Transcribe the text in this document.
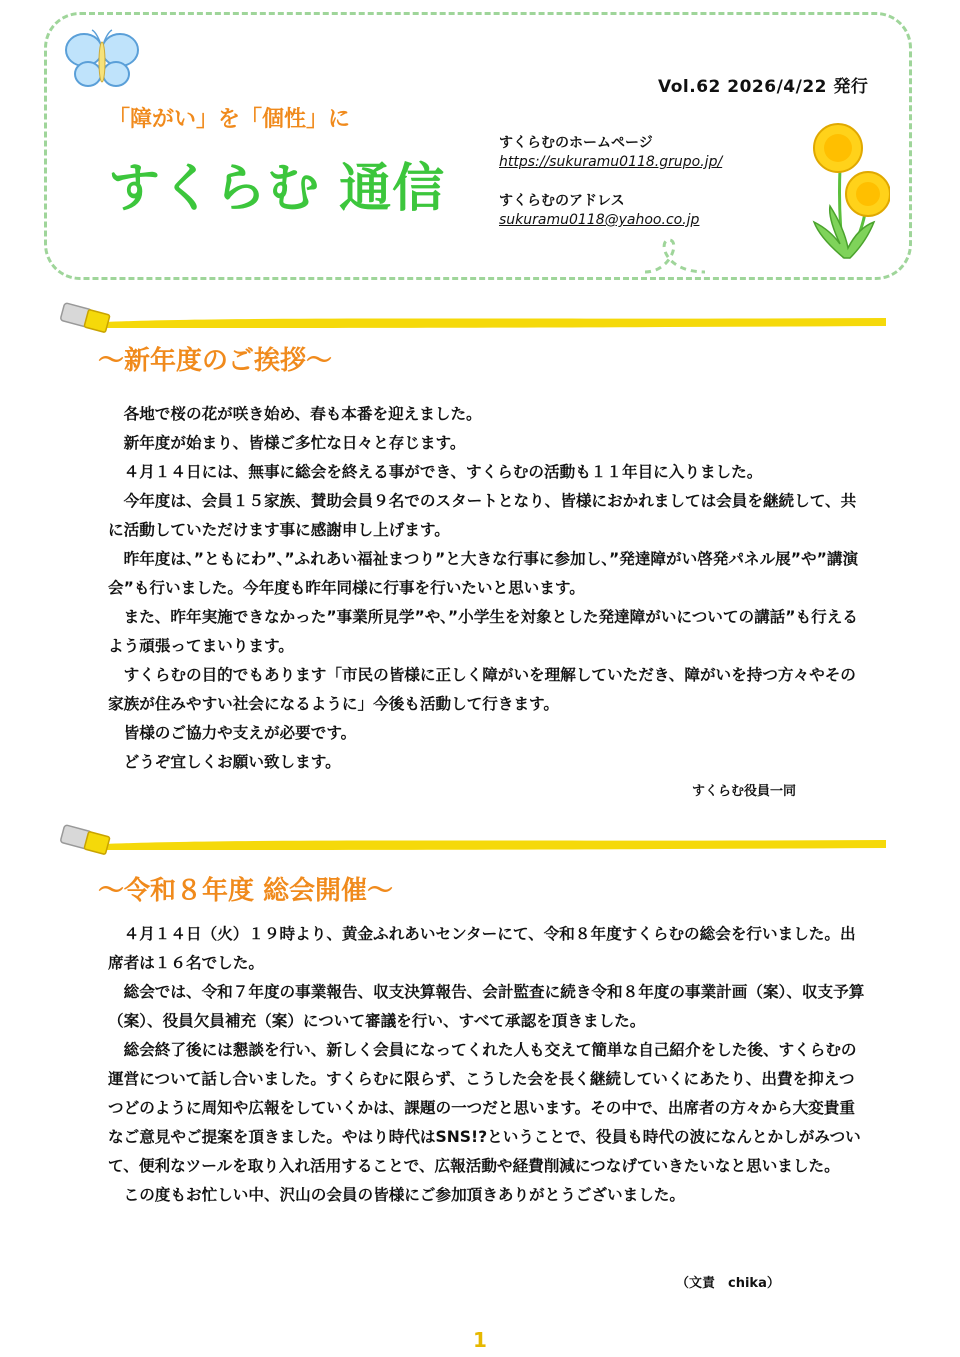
Vol.62 2026/4/22 発行
「障がい」を「個性」に
すくらむ 通信
すくらむのホームページ
https://sukuramu0118.grupo.jp/
すくらむのアドレス
sukuramu0118@yahoo.co.jp
～新年度のご挨拶～

各地で桜の花が咲き始め、春も本番を迎えました。

新年度が始まり、皆様ご多忙な日々と存じます。

４月１４日には、無事に総会を終える事ができ、すくらむの活動も１１年目に入りました。

今年度は、会員１５家族、賛助会員９名でのスタートとなり、皆様におかれましては会員を継続して、共に活動していただけます事に感謝申し上げます。

昨年度は、”ともにわ”、”ふれあい福祉まつり”と大きな行事に参加し、”発達障がい啓発パネル展”や”講演会”も行いました。今年度も昨年同様に行事を行いたいと思います。

また、昨年実施できなかった”事業所見学”や、”小学生を対象とした発達障がいについての講話”も行えるよう頑張ってまいります。

すくらむの目的でもあります「市民の皆様に正しく障がいを理解していただき、障がいを持つ方々やその家族が住みやすい社会になるように」今後も活動して行きます。

皆様のご協力や支えが必要です。

どうぞ宜しくお願い致します。

すくらむ役員一同
～令和８年度 総会開催～

４月１４日（火）１９時より、黄金ふれあいセンターにて、令和８年度すくらむの総会を行いました。出席者は１６名でした。

総会では、令和７年度の事業報告、収支決算報告、会計監査に続き令和８年度の事業計画（案）、収支予算（案）、役員欠員補充（案）について審議を行い、すべて承認を頂きました。

総会終了後には懇談を行い、新しく会員になってくれた人も交えて簡単な自己紹介をした後、すくらむの運営について話し合いました。すくらむに限らず、こうした会を長く継続していくにあたり、出費を抑えつつどのように周知や広報をしていくかは、課題の一つだと思います。その中で、出席者の方々から大変貴重なご意見やご提案を頂きました。やはり時代はSNS!?ということで、役員も時代の波になんとかしがみついて、便利なツールを取り入れ活用することで、広報活動や経費削減につなげていきたいなと思いました。

この度もお忙しい中、沢山の会員の皆様にご参加頂きありがとうございました。

（文責　chika）
1
